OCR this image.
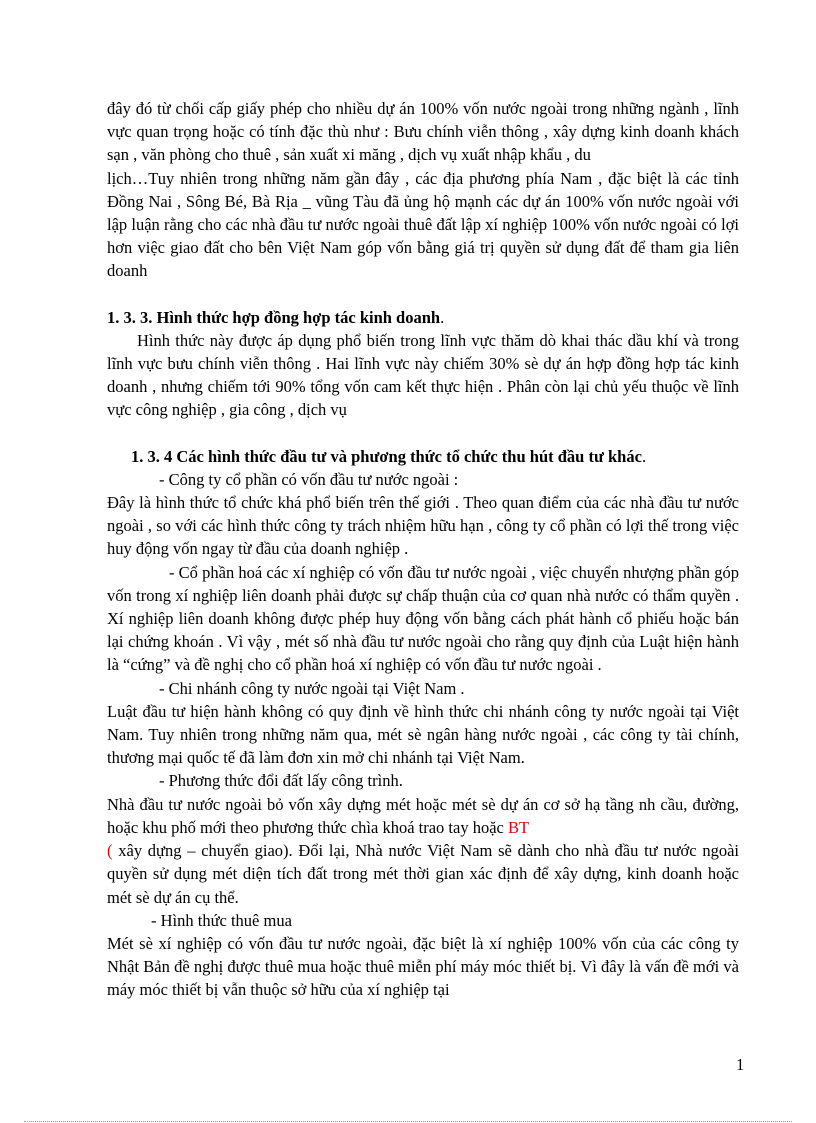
đây đó từ chối cấp giấy phép cho nhiều dự án 100% vốn nước ngoài trong những ngành , lĩnh vực quan trọng hoặc có tính đặc thù như : Bưu chính viễn thông , xây dựng kinh doanh khách sạn , văn phòng cho thuê , sản xuất xi măng , dịch vụ xuất nhập khẩu , du

lịch…Tuy nhiên trong những năm gần đây , các địa phương phía Nam , đặc biệt là các tỉnh Đồng Nai , Sông Bé, Bà Rịa _ vũng Tàu đã ủng hộ mạnh các dự án 100% vốn nước ngoài với lập luận rằng cho các nhà đầu tư nước ngoài thuê đất lập xí nghiệp 100% vốn nước ngoài có lợi hơn việc giao đất cho bên Việt Nam góp vốn bằng giá trị quyền sử dụng đất để tham gia liên doanh

1. 3. 3. Hình thức hợp đồng hợp tác kinh doanh.

Hình thức này được áp dụng phổ biến trong lĩnh vực thăm dò khai thác dầu khí và trong lĩnh vực bưu chính viễn thông . Hai lĩnh vực này chiếm 30% sè dự án hợp đồng hợp tác kinh doanh , nhưng chiếm tới 90% tổng vốn cam kết thực hiện . Phân còn lại chủ yếu thuộc về lĩnh vực công nghiệp , gia công , dịch vụ

1. 3. 4 Các hình thức đầu tư và phương thức tổ chức thu hút đầu tư khác.

- Công ty cổ phần có vốn đầu tư nước ngoài :

Đây là hình thức tổ chức khá phổ biến trên thế giới . Theo quan điểm của các nhà đầu tư nước ngoài , so với các hình thức công ty trách nhiệm hữu hạn , công ty cổ phần có lợi thế trong việc huy động vốn ngay từ đầu của doanh nghiệp .

- Cổ phần hoá các xí nghiệp có vốn đầu tư nước ngoài , việc chuyển nhượng phần góp vốn trong xí nghiệp liên doanh phải được sự chấp thuận của cơ quan nhà nước có thẩm quyền . Xí nghiệp liên doanh không được phép huy động vốn bằng cách phát hành cổ phiếu hoặc bán lại chứng khoán . Vì vậy , mét số nhà đầu tư nước ngoài cho rằng quy định của Luật hiện hành là “cứng” và đề nghị cho cổ phần hoá xí nghiệp có vốn đầu tư nước ngoài .

- Chi nhánh công ty nước ngoài tại Việt Nam .

Luật đầu tư hiện hành không có quy định về hình thức chi nhánh công ty nước ngoài tại Việt Nam. Tuy nhiên trong những năm qua, mét sè ngân hàng nước ngoài , các công ty tài chính, thương mại quốc tế đã làm đơn xin mở chi nhánh tại Việt Nam.

- Phương thức đổi đất lấy công trình.

Nhà đầu tư nước ngoài bỏ vốn xây dựng mét hoặc mét sè dự án cơ sở hạ tầng nh cầu, đường, hoặc khu phố mới theo phương thức chìa khoá trao tay hoặc BT
( xây dựng – chuyển giao). Đổi lại, Nhà nước Việt Nam sẽ dành cho nhà đầu tư nước ngoài quyền sử dụng mét diện tích đất trong mét thời gian xác định để xây dựng, kinh doanh hoặc mét sè dự án cụ thể.

- Hình thức thuê mua

Mét sè xí nghiệp có vốn đầu tư nước ngoài, đặc biệt là xí nghiệp 100% vốn của các công ty Nhật Bản đề nghị được thuê mua hoặc thuê miễn phí máy móc thiết bị. Vì đây là vấn đề mới và máy móc thiết bị vẫn thuộc sở hữu của xí nghiệp tại

1
